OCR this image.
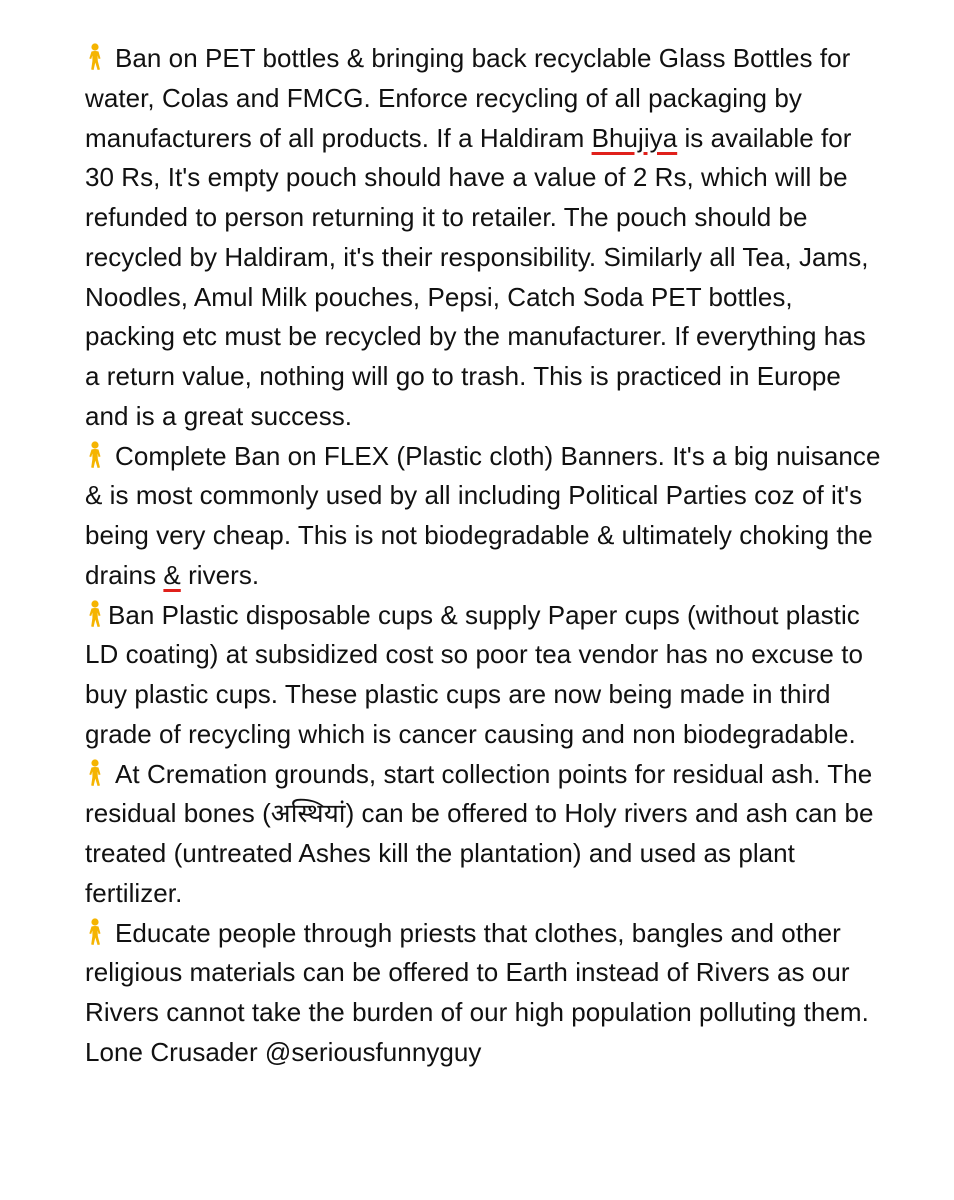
Ban on PET bottles & bringing back recyclable Glass Bottles for water, Colas and FMCG. Enforce recycling of all packaging by manufacturers of all products. If a Haldiram Bhujiya is available for 30 Rs, It's empty pouch should have a value of 2 Rs, which will be refunded to person returning it to retailer. The pouch should be recycled by Haldiram, it's their responsibility. Similarly all Tea, Jams, Noodles, Amul Milk pouches, Pepsi, Catch Soda PET bottles, packing etc must be recycled by the manufacturer. If everything has a return value, nothing will go to trash. This is practiced in Europe and is a great success.

Complete Ban on FLEX (Plastic cloth) Banners. It's a big nuisance & is most commonly used by all including Political Parties coz of it's being very cheap. This is not biodegradable & ultimately choking the drains & rivers.

Ban Plastic disposable cups & supply Paper cups (without plastic LD coating) at subsidized cost so poor tea vendor has no excuse to buy plastic cups. These plastic cups are now being made in third grade of recycling which is cancer causing and non biodegradable.

At Cremation grounds, start collection points for residual ash. The residual bones (अस्थियां) can be offered to Holy rivers and ash can be treated (untreated Ashes kill the plantation) and used as plant fertilizer.

Educate people through priests that clothes, bangles and other religious materials can be offered to Earth instead of Rivers as our Rivers cannot take the burden of our high population polluting them.

Lone Crusader @seriousfunnyguy
